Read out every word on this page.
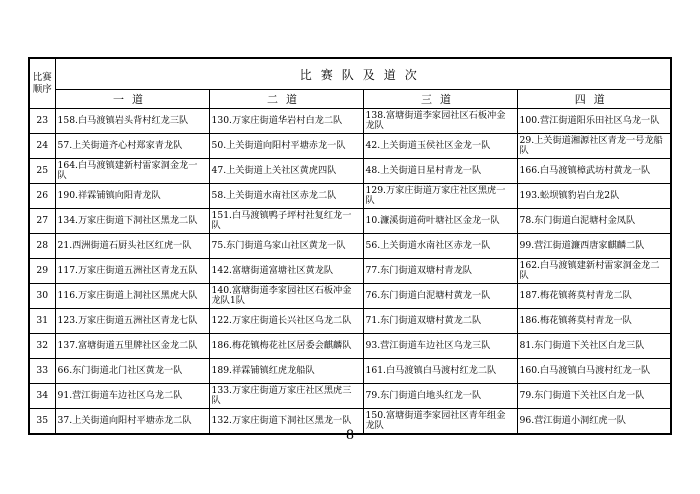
比赛
顺序	比赛队及道次			
	一道	二道	三道	四道
23	158.白马渡镇岩头背村红龙三队	130.万家庄街道华岩村白龙二队	138.富塘街道李家园社区石板冲金龙队	100.营江街道阳乐田社区乌龙一队
24	57.上关街道齐心村郑家青龙队	50.上关街道向阳村平塘赤龙一队	42.上关街道玉侯社区金龙一队	29.上关街道湘源社区青龙一号龙船队
25	164.白马渡镇建新村雷家洞金龙一队	47.上关街道上关社区黄虎四队	48.上关街道日星村青龙一队	166.白马渡镇樟武坊村黄龙一队
26	190.祥霖铺镇向阳青龙队	58.上关街道水南社区赤龙二队	129.万家庄街道万家庄社区黑虎一队	193.蚣坝镇豹岩白龙2队
27	134.万家庄街道下洞社区黑龙二队	151.白马渡镇鸭子坪村社复红龙一队	10.濂溪街道荷叶塘社区金龙一队	78.东门街道白泥塘村金凤队
28	21.西洲街道石厨头社区红虎一队	75.东门街道乌家山社区黄龙一队	56.上关街道水南社区赤龙一队	99.营江街道濂西唐家麒麟二队
29	117.万家庄街道五洲社区青龙五队	142.富塘街道富塘社区黄龙队	77.东门街道双塘村青龙队	162.白马渡镇建新村雷家洞金龙二队
30	116.万家庄街道上洞社区黑虎大队	140.富塘街道李家园社区石板冲金龙队1队	76.东门街道白泥塘村黄龙一队	187.梅花镇蒋莫村青龙二队
31	123.万家庄街道五洲社区青龙七队	122.万家庄街道长兴社区乌龙二队	71.东门街道双塘村黄龙二队	186.梅花镇蒋莫村青龙一队
32	137.富塘街道五里牌社区金龙二队	186.梅花镇梅花社区居委会麒麟队	93.营江街道车边社区乌龙三队	81.东门街道下关社区白龙三队
33	66.东门街道北门社区黄龙一队	189.祥霖铺镇红虎龙船队	161.白马渡镇白马渡村红龙二队	160.白马渡镇白马渡村红龙一队
34	91.营江街道车边社区乌龙二队	133.万家庄街道万家庄社区黑虎三队	79.东门街道白地头红龙一队	79.东门街道下关社区白龙一队
35	37.上关街道向阳村平塘赤龙二队	132.万家庄街道下洞社区黑龙一队	150.富塘街道李家园社区青年组金龙队	96.营江街道小洞红虎一队
8
